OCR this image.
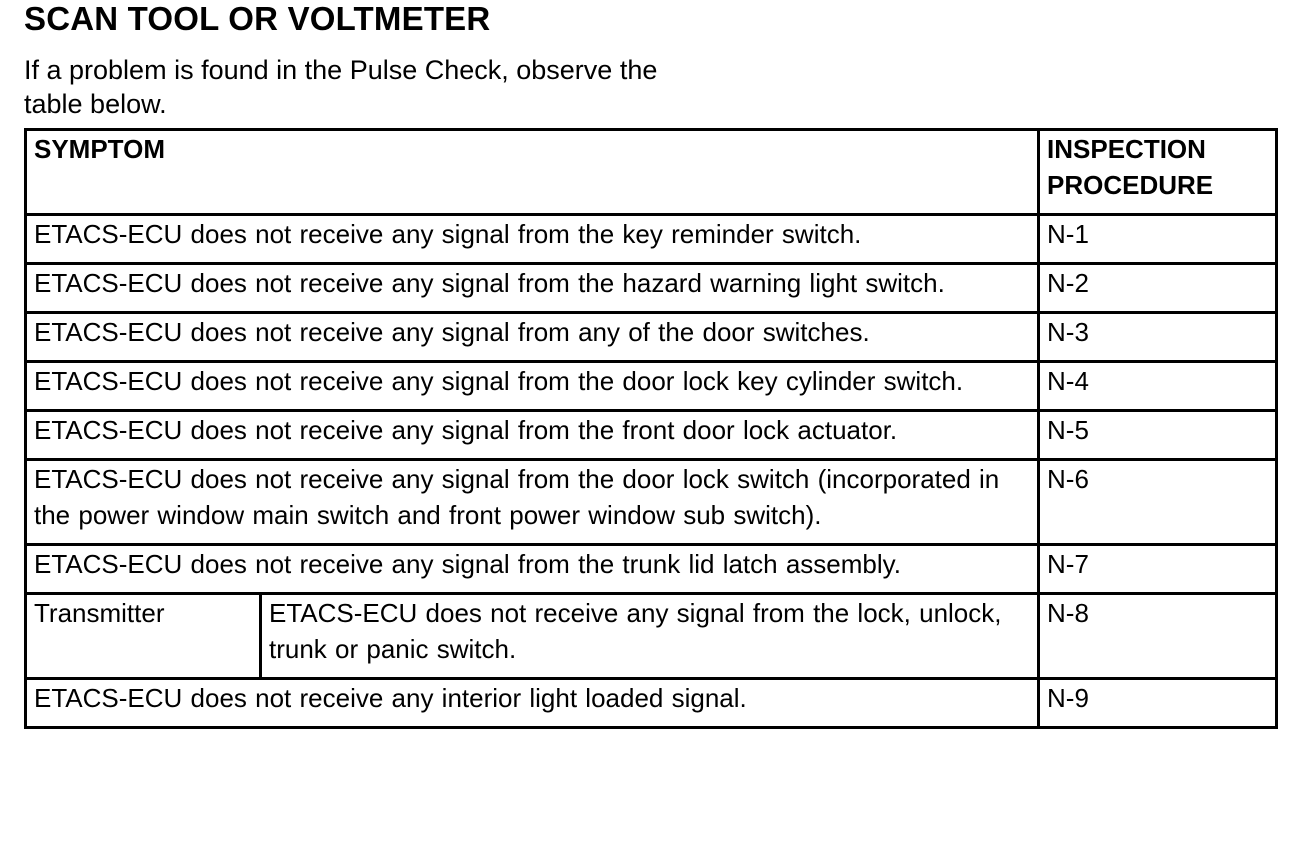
SCAN TOOL OR VOLTMETER

If a problem is found in the Pulse Check, observe the
table below.

SYMPTOM		INSPECTION
PROCEDURE
ETACS-ECU does not receive any signal from the key reminder switch.		N-1
ETACS-ECU does not receive any signal from the hazard warning light switch.		N-2
ETACS-ECU does not receive any signal from any of the door switches.		N-3
ETACS-ECU does not receive any signal from the door lock key cylinder switch.		N-4
ETACS-ECU does not receive any signal from the front door lock actuator.		N-5
ETACS-ECU does not receive any signal from the door lock switch (incorporated in the power window main switch and front power window sub switch).		N-6
ETACS-ECU does not receive any signal from the trunk lid latch assembly.		N-7
Transmitter	ETACS-ECU does not receive any signal from the lock, unlock, trunk or panic switch.	N-8
ETACS-ECU does not receive any interior light loaded signal.		N-9
